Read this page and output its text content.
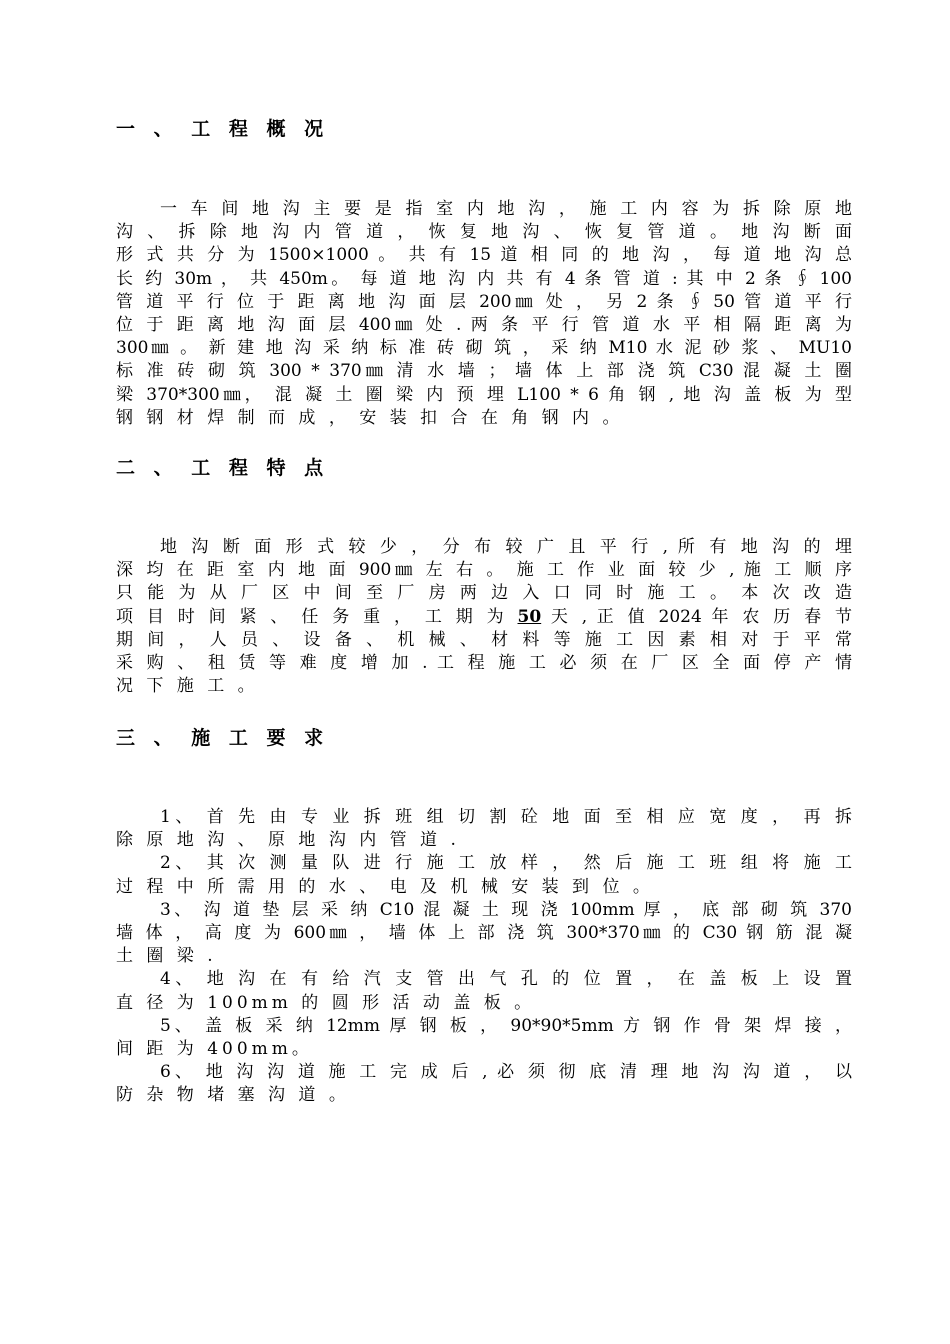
一 、 工 程 概 况
一 车 间 地 沟 主 要 是 指 室 内 地 沟 ， 施 工 内 容 为 拆 除 原 地
沟 、 拆 除 地 沟 内 管 道 ， 恢 复 地 沟 、 恢 复 管 道 。 地 沟 断 面
形 式 共 分 为 1500×1000 。 共 有 15 道 相 同 的 地 沟 ， 每 道 地 沟 总
长 约 30m ， 共 450m。 每 道 地 沟 内 共 有 4 条 管 道 : 其 中 2 条 ∮ 100
管 道 平 行 位 于 距 离 地 沟 面 层 200㎜ 处 ， 另 2 条 ∮ 50 管 道 平 行
位 于 距 离 地 沟 面 层 400㎜ 处 . 两 条 平 行 管 道 水 平 相 隔 距 离 为
300㎜ 。 新 建 地 沟 采 纳 标 准 砖 砌 筑 ， 采 纳 M10 水 泥 砂 浆 、 MU10
标 准 砖 砌 筑 300 * 370㎜ 清 水 墙 ； 墙 体 上 部 浇 筑 C30 混 凝 土 圈
梁 370*300㎜， 混 凝 土 圈 梁 内 预 埋 L100 * 6 角 钢 , 地 沟 盖 板 为 型
钢 钢 材 焊 制 而 成 ， 安 装 扣 合 在 角 钢 内 。
二 、 工 程 特 点
地 沟 断 面 形 式 较 少 ， 分 布 较 广 且 平 行 , 所 有 地 沟 的 埋
深 均 在 距 室 内 地 面 900㎜ 左 右 。 施 工 作 业 面 较 少 , 施 工 顺 序
只 能 为 从 厂 区 中 间 至 厂 房 两 边 入 口 同 时 施 工 。 本 次 改 造
项 目 时 间 紧 、 任 务 重 ， 工 期 为 50 天 , 正 值 2024 年 农 历 春 节
期 间 ， 人 员 、 设 备 、 机 械 、 材 料 等 施 工 因 素 相 对 于 平 常
采 购 、 租 赁 等 难 度 增 加 . 工 程 施 工 必 须 在 厂 区 全 面 停 产 情
况 下 施 工 。
三 、 施 工 要 求
1、 首 先 由 专 业 拆 班 组 切 割 砼 地 面 至 相 应 宽 度 ， 再 拆
除 原 地 沟 、 原 地 沟 内 管 道 .
2、 其 次 测 量 队 进 行 施 工 放 样 ， 然 后 施 工 班 组 将 施 工
过 程 中 所 需 用 的 水 、 电 及 机 械 安 装 到 位 。
3、 沟 道 垫 层 采 纳 C10 混 凝 土 现 浇 100mm 厚 ， 底 部 砌 筑 370
墙 体 ， 高 度 为 600㎜ ， 墙 体 上 部 浇 筑 300*370㎜ 的 C30 钢 筋 混 凝
土 圈 梁 .
4、 地 沟 在 有 给 汽 支 管 出 气 孔 的 位 置 ， 在 盖 板 上 设 置
直 径 为 100mm 的 圆 形 活 动 盖 板 。
5、 盖 板 采 纳 12mm 厚 钢 板 ， 90*90*5mm 方 钢 作 骨 架 焊 接 ，
间 距 为 400mm。
6、 地 沟 沟 道 施 工 完 成 后 , 必 须 彻 底 清 理 地 沟 沟 道 ， 以
防 杂 物 堵 塞 沟 道 。
